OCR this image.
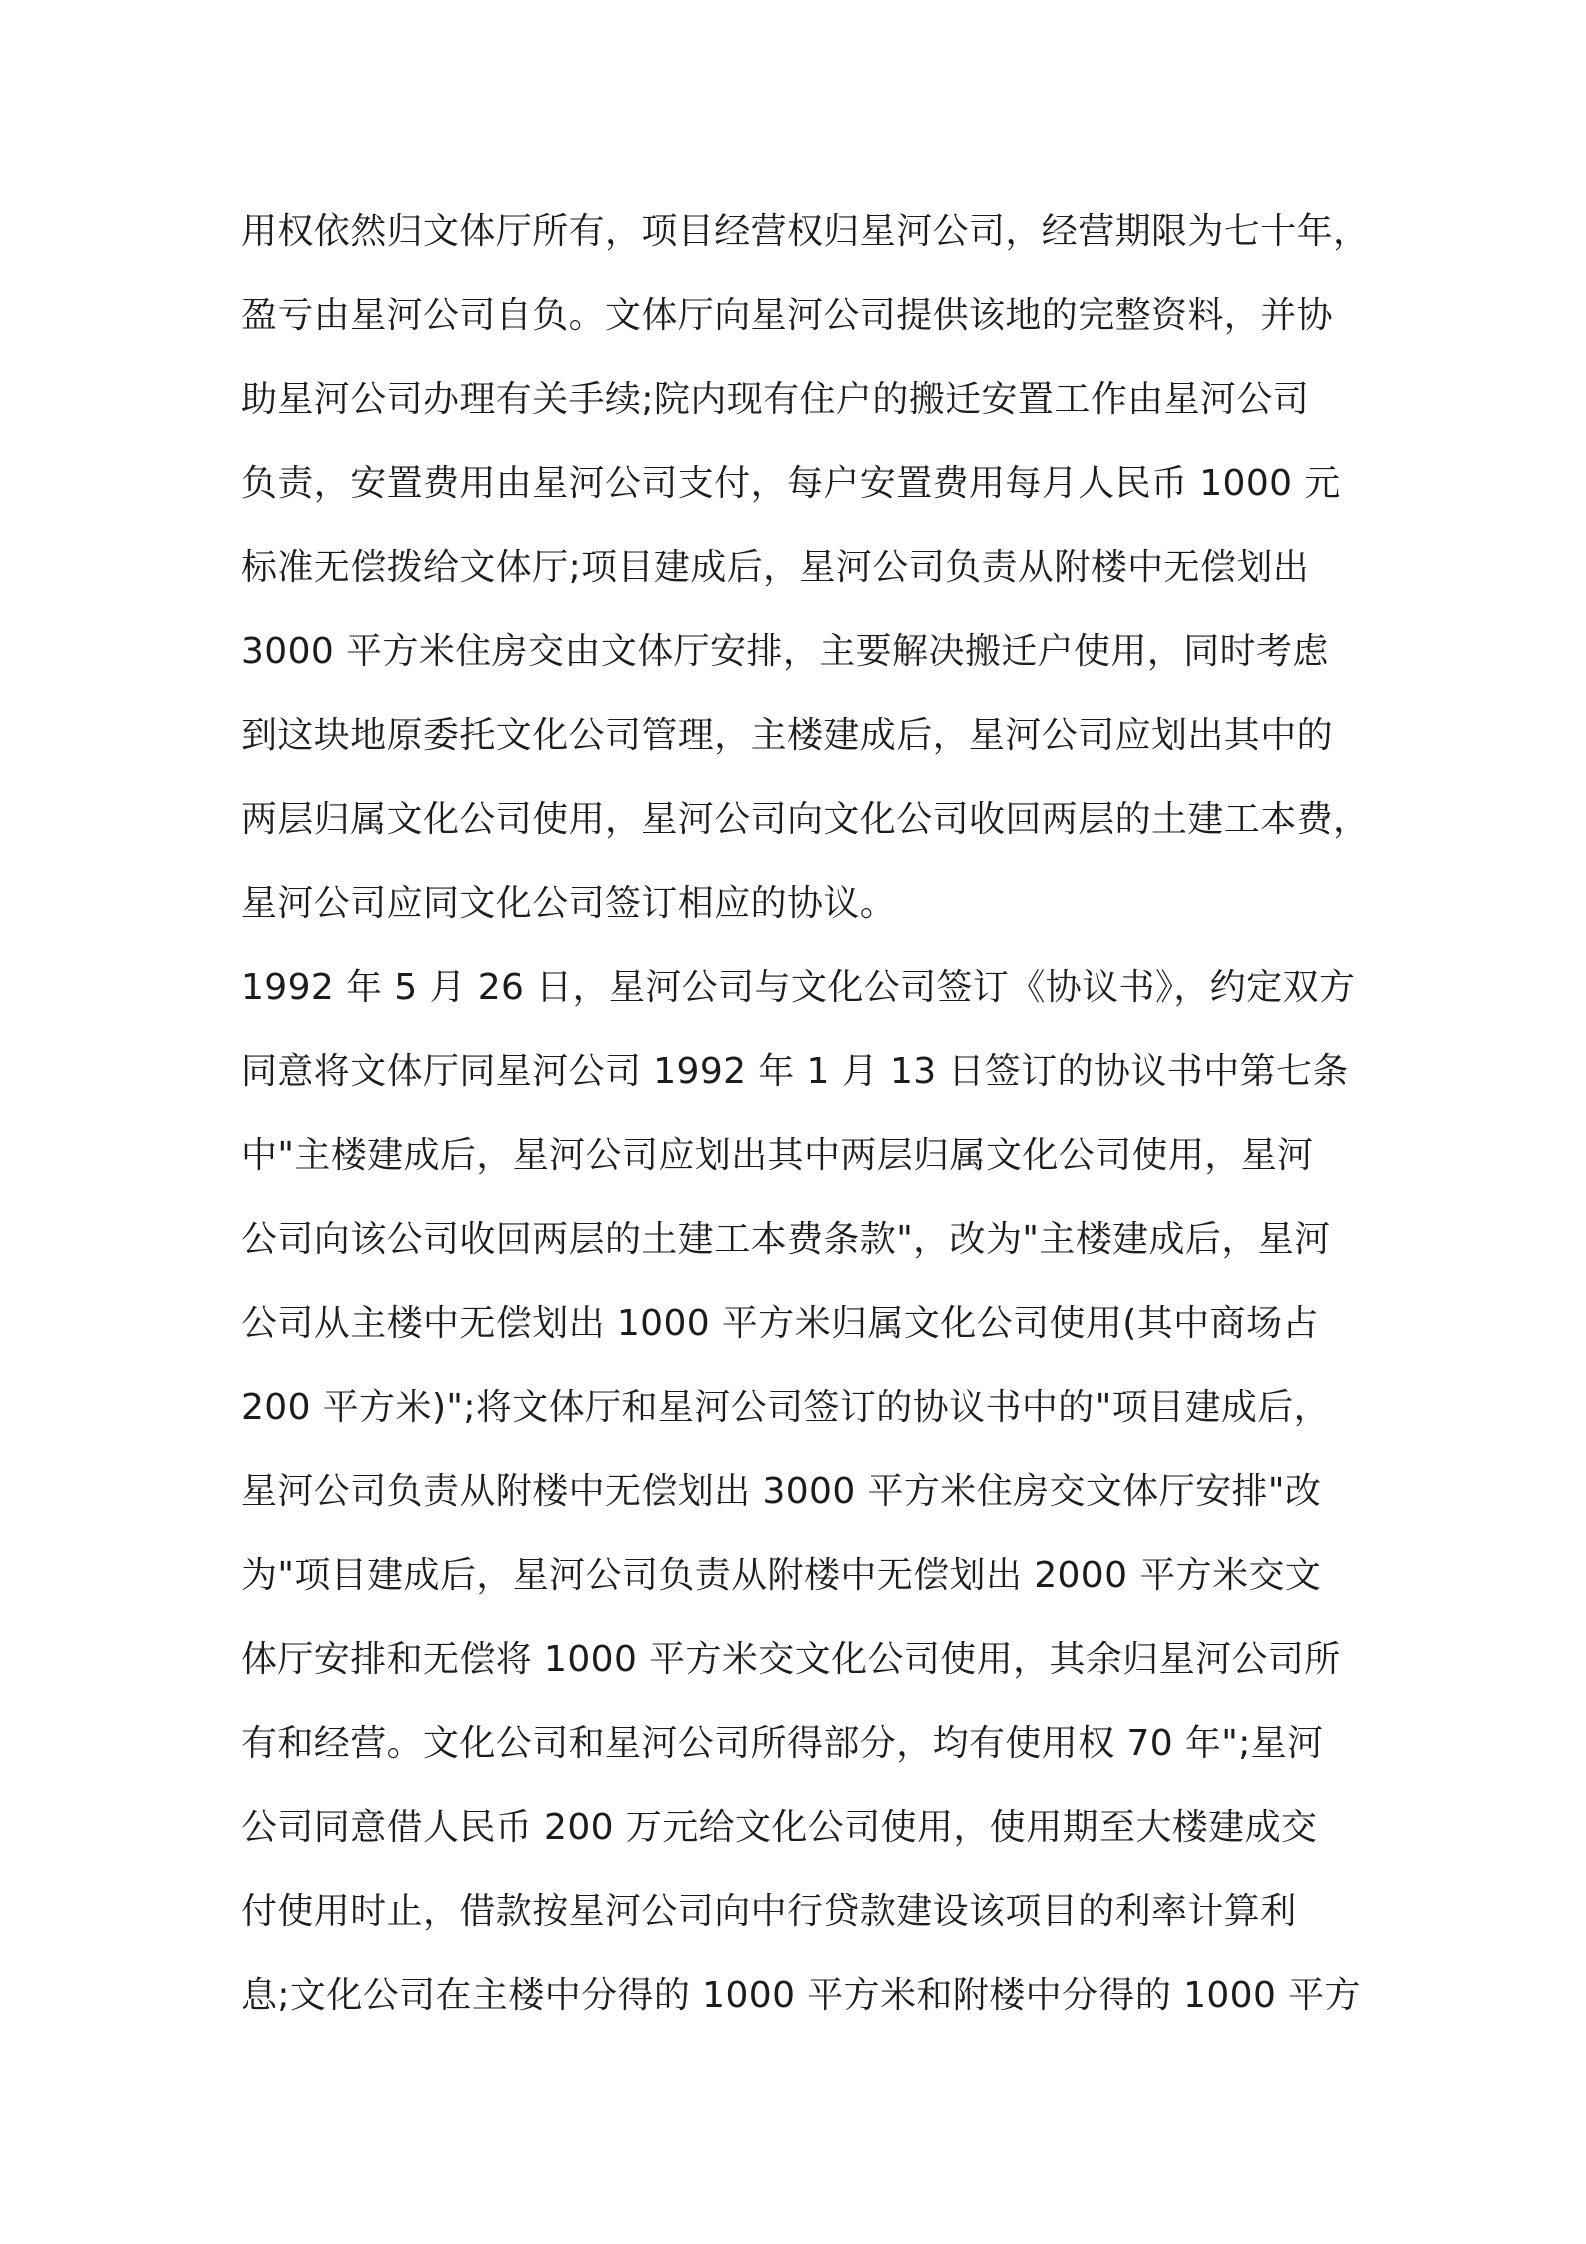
用权依然归文体厅所有，项目经营权归星河公司，经营期限为七十年，
盈亏由星河公司自负。文体厅向星河公司提供该地的完整资料，并协
助星河公司办理有关手续;院内现有住户的搬迁安置工作由星河公司
负责，安置费用由星河公司支付，每户安置费用每月人民币 1000 元
标准无偿拨给文体厅;项目建成后，星河公司负责从附楼中无偿划出
3000 平方米住房交由文体厅安排，主要解决搬迁户使用，同时考虑
到这块地原委托文化公司管理，主楼建成后，星河公司应划出其中的
两层归属文化公司使用，星河公司向文化公司收回两层的土建工本费，
星河公司应同文化公司签订相应的协议。
1992 年 5 月 26 日，星河公司与文化公司签订《协议书》，约定双方
同意将文体厅同星河公司 1992 年 1 月 13 日签订的协议书中第七条
中"主楼建成后，星河公司应划出其中两层归属文化公司使用，星河
公司向该公司收回两层的土建工本费条款"，改为"主楼建成后，星河
公司从主楼中无偿划出 1000 平方米归属文化公司使用(其中商场占
200 平方米)";将文体厅和星河公司签订的协议书中的"项目建成后，
星河公司负责从附楼中无偿划出 3000 平方米住房交文体厅安排"改
为"项目建成后，星河公司负责从附楼中无偿划出 2000 平方米交文
体厅安排和无偿将 1000 平方米交文化公司使用，其余归星河公司所
有和经营。文化公司和星河公司所得部分，均有使用权 70 年";星河
公司同意借人民币 200 万元给文化公司使用，使用期至大楼建成交
付使用时止，借款按星河公司向中行贷款建设该项目的利率计算利
息;文化公司在主楼中分得的 1000 平方米和附楼中分得的 1000 平方
